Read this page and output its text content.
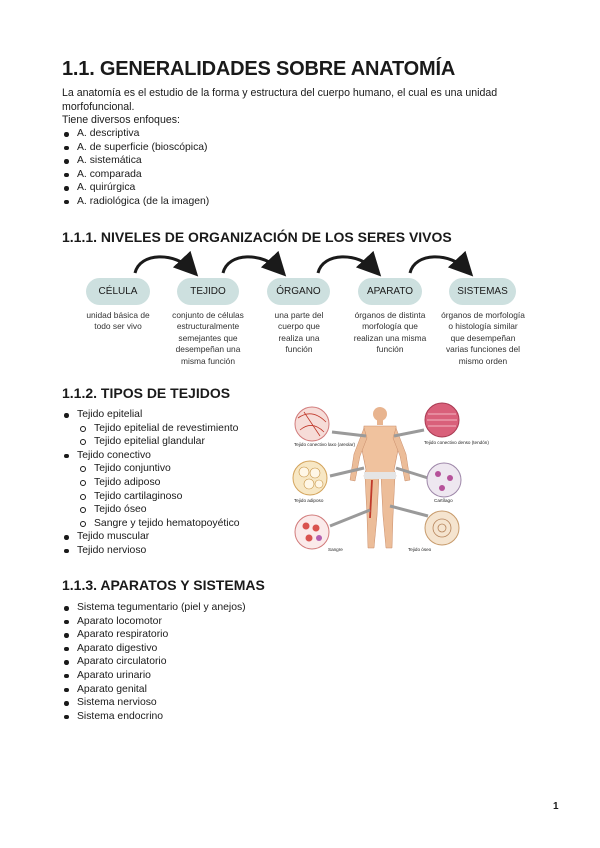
1.1. GENERALIDADES SOBRE ANATOMÍA

La anatomía es el estudio de la forma y estructura del cuerpo humano, el cual es una unidad morfofuncional.

Tiene diversos enfoques:

A. descriptiva
A. de superficie (bioscópica)
A. sistemática
A. comparada
A. quirúrgica
A. radiológica (de la imagen)
1.1.1. NIVELES DE ORGANIZACIÓN DE LOS SERES VIVOS
CÉLULA	TEJIDO	ÓRGANO	APARATO	SISTEMAS
unidad básica de todo ser vivo
conjunto de células estructuralmente semejantes que desempeñan una misma función
una parte del cuerpo que realiza una función
órganos de distinta morfología que realizan una misma función
órganos de morfología o histología similar que desempeñan varias funciones del mismo orden
1.1.2. TIPOS DE TEJIDOS
Tejido epitelial
Tejido epitelial de revestimiento
Tejido epitelial glandular
Tejido conectivo
Tejido conjuntivo
Tejido adiposo
Tejido cartilaginoso
Tejido óseo
Sangre y tejido hematopoyético
Tejido muscular
Tejido nervioso
Tejido conectivo laxo (areolar)	Tejido conectivo denso (tendón)
Tejido adiposo	Cartílago
Sangre	Tejido óseo
1.1.3. APARATOS Y SISTEMAS
Sistema tegumentario (piel y anejos)
Aparato locomotor
Aparato respiratorio
Aparato digestivo
Aparato circulatorio
Aparato urinario
Aparato genital
Sistema nervioso
Sistema endocrino
1
